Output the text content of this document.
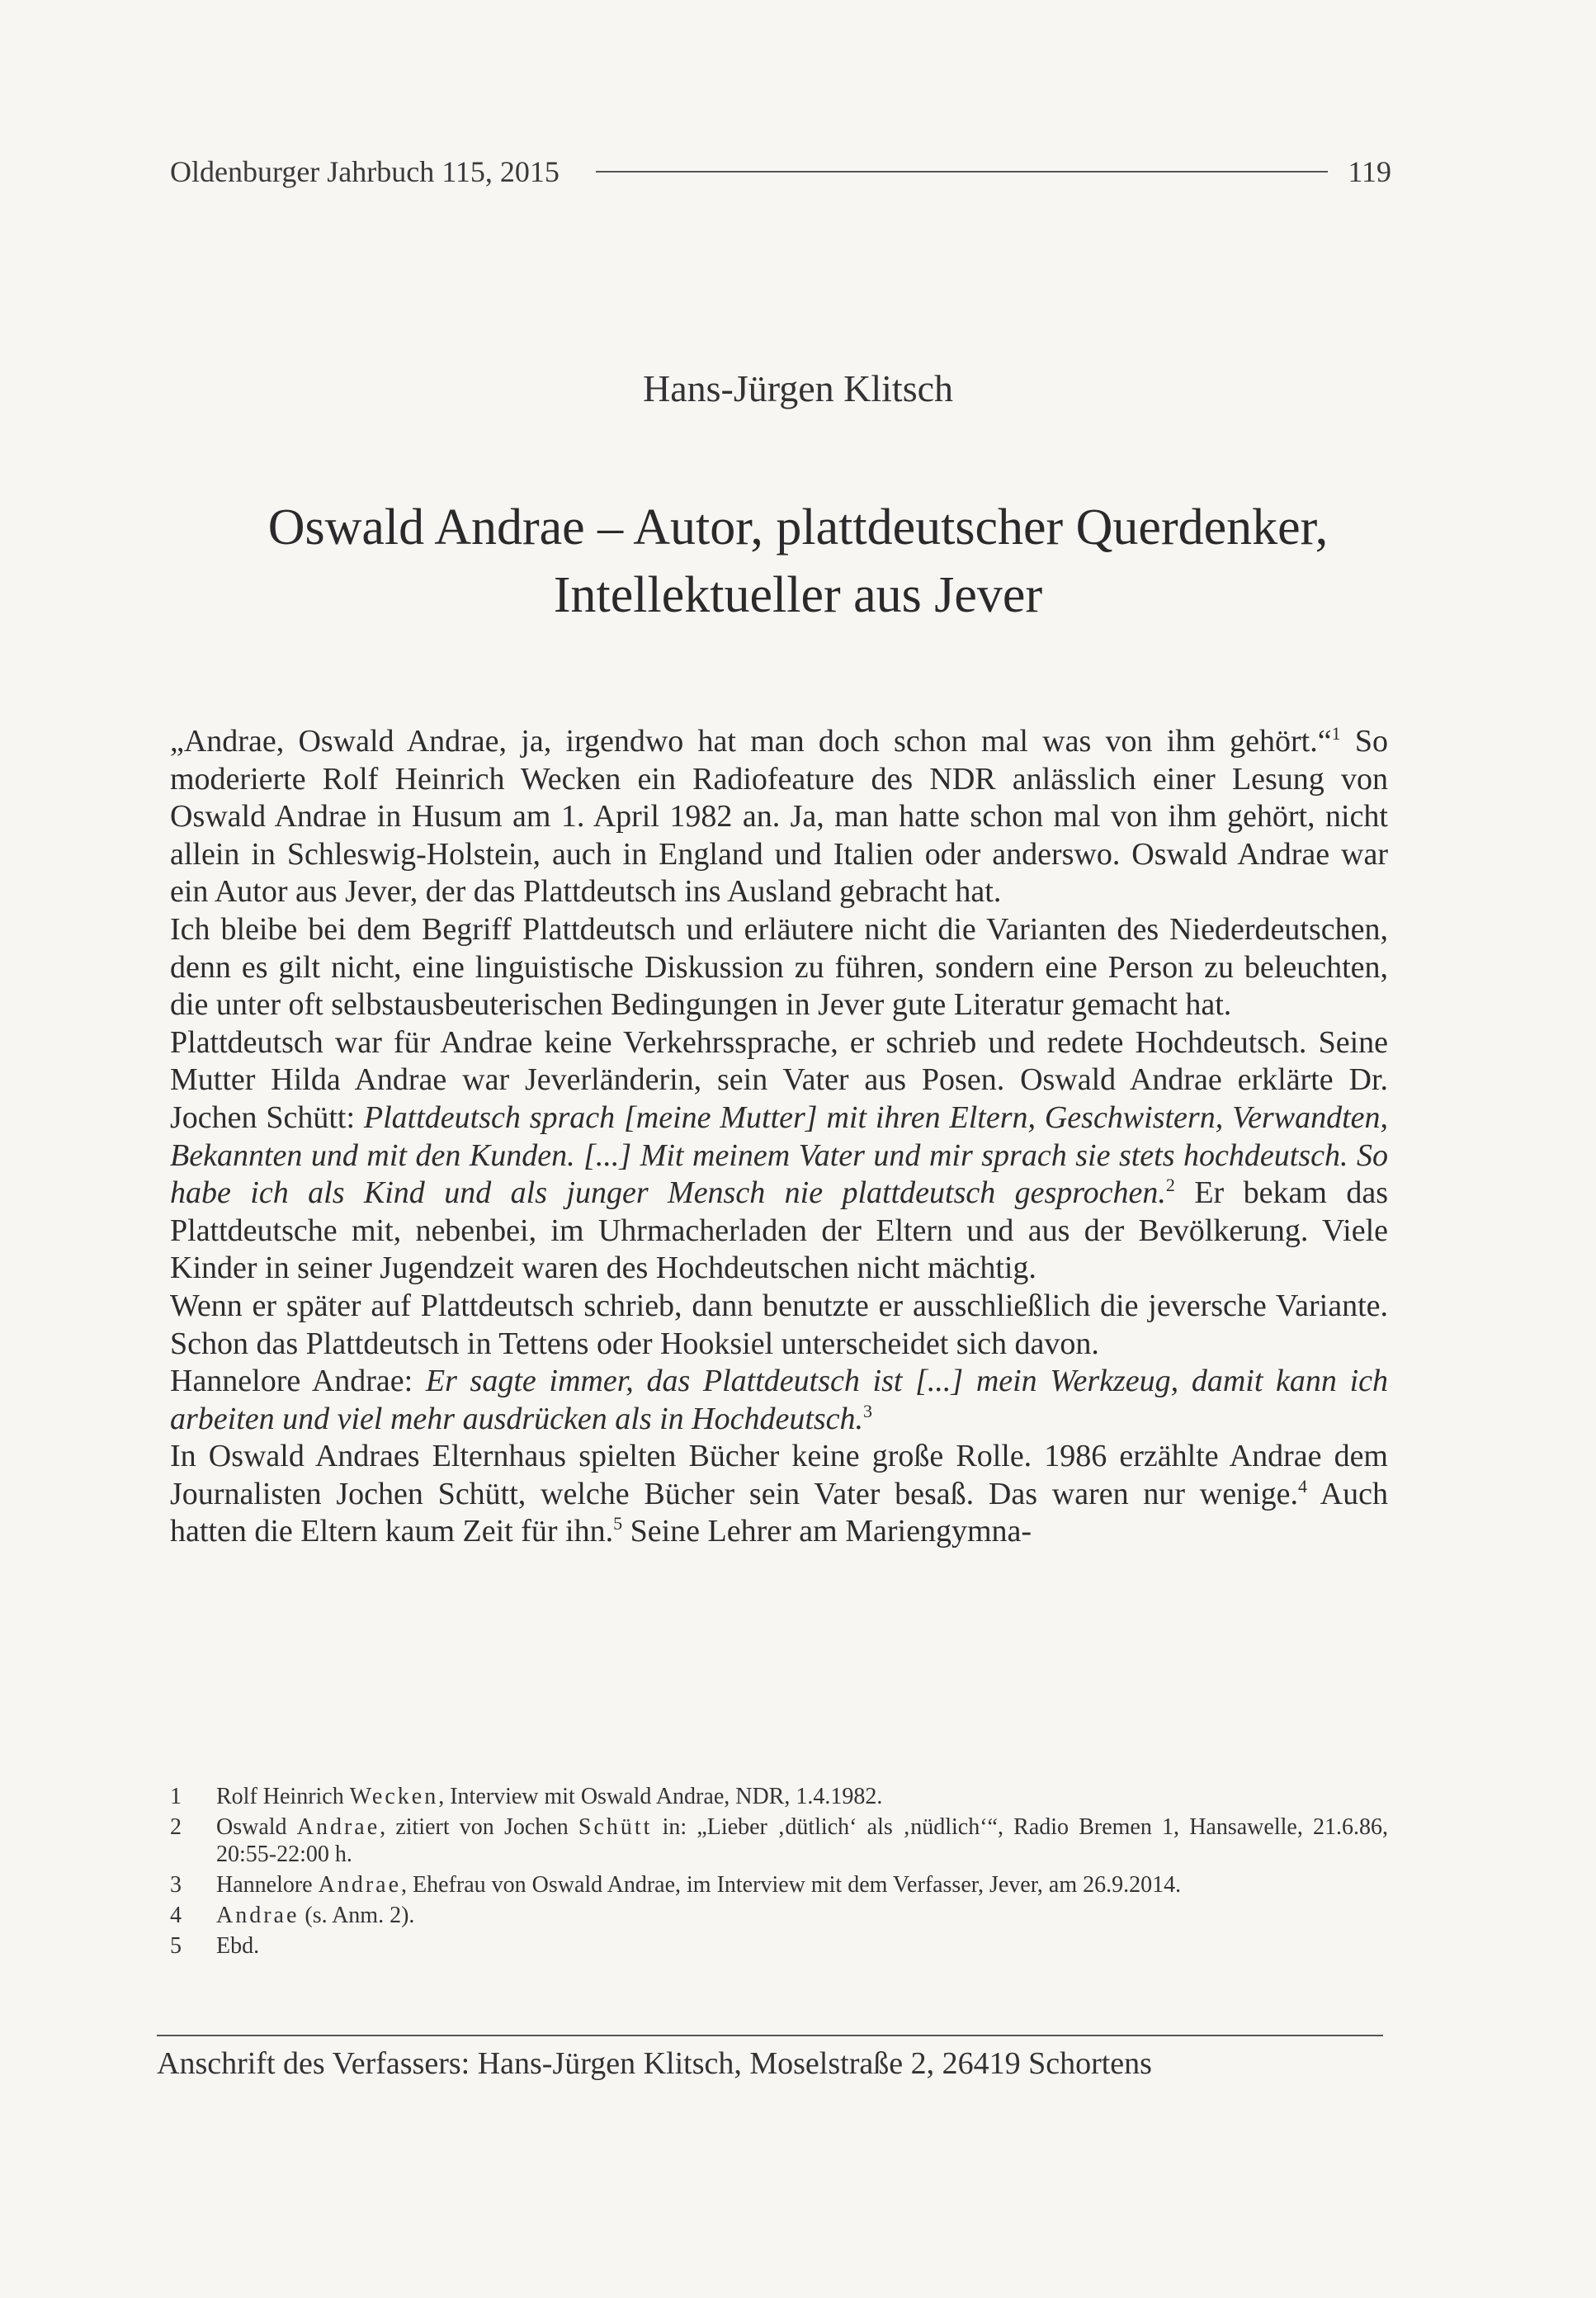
Oldenburger Jahrbuch 115, 2015	119
Hans-Jürgen Klitsch
Oswald Andrae – Autor, plattdeutscher Querdenker,
Intellektueller aus Jever

„Andrae, Oswald Andrae, ja, irgendwo hat man doch schon mal was von ihm gehört.“$^1$ So moderierte Rolf Heinrich Wecken ein Radiofeature des NDR anlässlich einer Lesung von Oswald Andrae in Husum am 1. April 1982 an. Ja, man hatte schon mal von ihm gehört, nicht allein in Schleswig-Holstein, auch in England und Italien oder anderswo. Oswald Andrae war ein Autor aus Jever, der das Plattdeutsch ins Ausland gebracht hat.

Ich bleibe bei dem Begriff Plattdeutsch und erläutere nicht die Varianten des Niederdeutschen, denn es gilt nicht, eine linguistische Diskussion zu führen, sondern eine Person zu beleuchten, die unter oft selbstausbeuterischen Bedingungen in Jever gute Literatur gemacht hat.

Plattdeutsch war für Andrae keine Verkehrssprache, er schrieb und redete Hochdeutsch. Seine Mutter Hilda Andrae war Jeverländerin, sein Vater aus Posen. Oswald Andrae erklärte Dr. Jochen Schütt: Plattdeutsch sprach [meine Mutter] mit ihren Eltern, Geschwistern, Verwandten, Bekannten und mit den Kunden. [...] Mit meinem Vater und mir sprach sie stets hochdeutsch. So habe ich als Kind und als junger Mensch nie plattdeutsch gesprochen.$^2$ Er bekam das Plattdeutsche mit, nebenbei, im Uhrmacherladen der Eltern und aus der Bevölkerung. Viele Kinder in seiner Jugendzeit waren des Hochdeutschen nicht mächtig.

Wenn er später auf Plattdeutsch schrieb, dann benutzte er ausschließlich die jeversche Variante. Schon das Plattdeutsch in Tettens oder Hooksiel unterscheidet sich davon.

Hannelore Andrae: Er sagte immer, das Plattdeutsch ist [...] mein Werkzeug, damit kann ich arbeiten und viel mehr ausdrücken als in Hochdeutsch.$^3$

In Oswald Andraes Elternhaus spielten Bücher keine große Rolle. 1986 erzählte Andrae dem Journalisten Jochen Schütt, welche Bücher sein Vater besaß. Das waren nur wenige.$^4$ Auch hatten die Eltern kaum Zeit für ihn.$^5$ Seine Lehrer am Mariengymna-

1	Rolf Heinrich Wecken, Interview mit Oswald Andrae, NDR, 1.4.1982.
2	Oswald Andrae, zitiert von Jochen Schütt in: „Lieber ‚dütlich‘ als ‚nüdlich‘“, Radio Bremen 1, Hansawelle, 21.6.86, 20:55-22:00 h.
3	Hannelore Andrae, Ehefrau von Oswald Andrae, im Interview mit dem Verfasser, Jever, am 26.9.2014.
4	Andrae (s. Anm. 2).
5	Ebd.
Anschrift des Verfassers: Hans-Jürgen Klitsch, Moselstraße 2, 26419 Schortens
